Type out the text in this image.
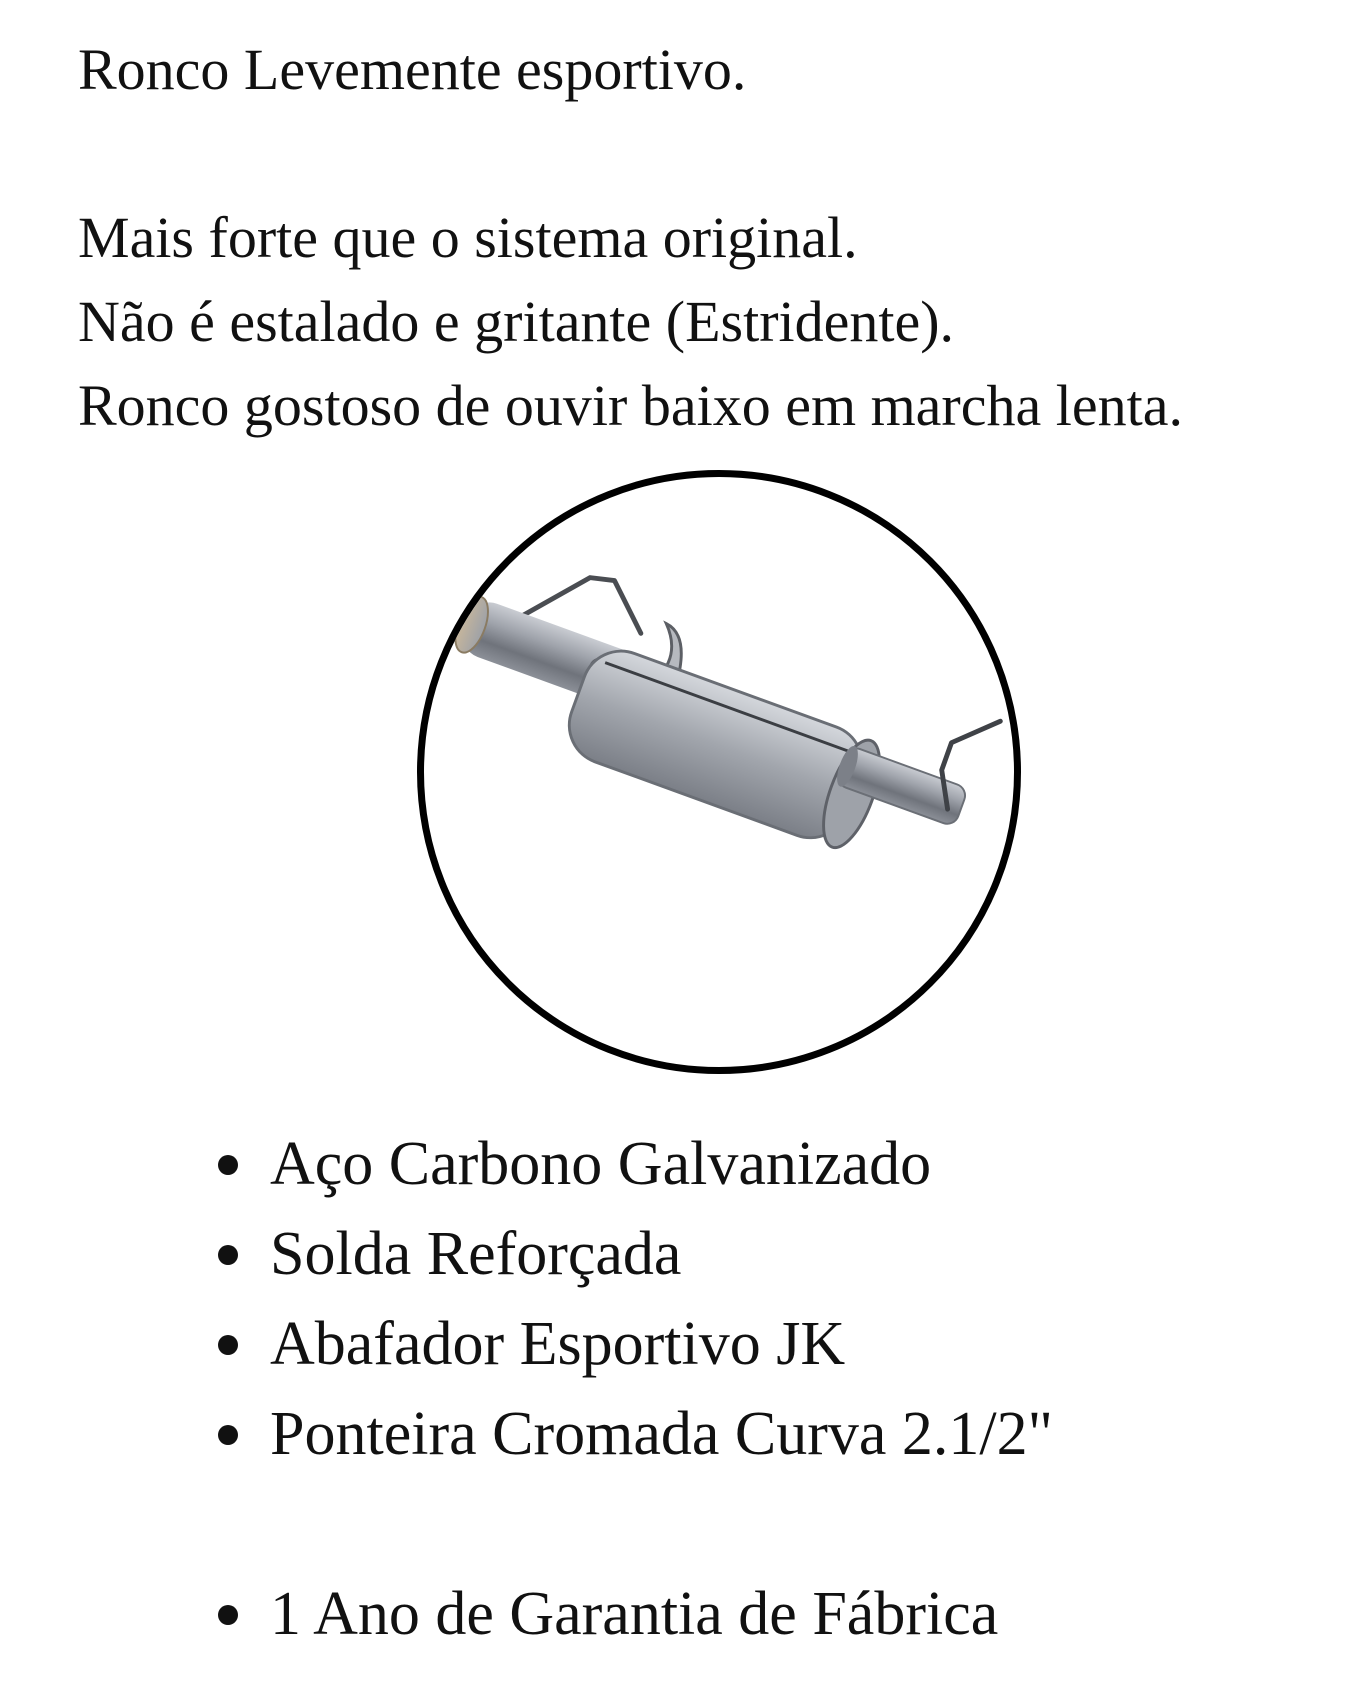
Ronco Levemente esportivo.

Mais forte que o sistema original.

Não é estalado e gritante (Estridente).

Ronco gostoso de ouvir baixo em marcha lenta.

Aço Carbono Galvanizado
Solda Reforçada
Abafador Esportivo JK
Ponteira Cromada Curva 2.1/2"
1 Ano de Garantia de Fábrica
